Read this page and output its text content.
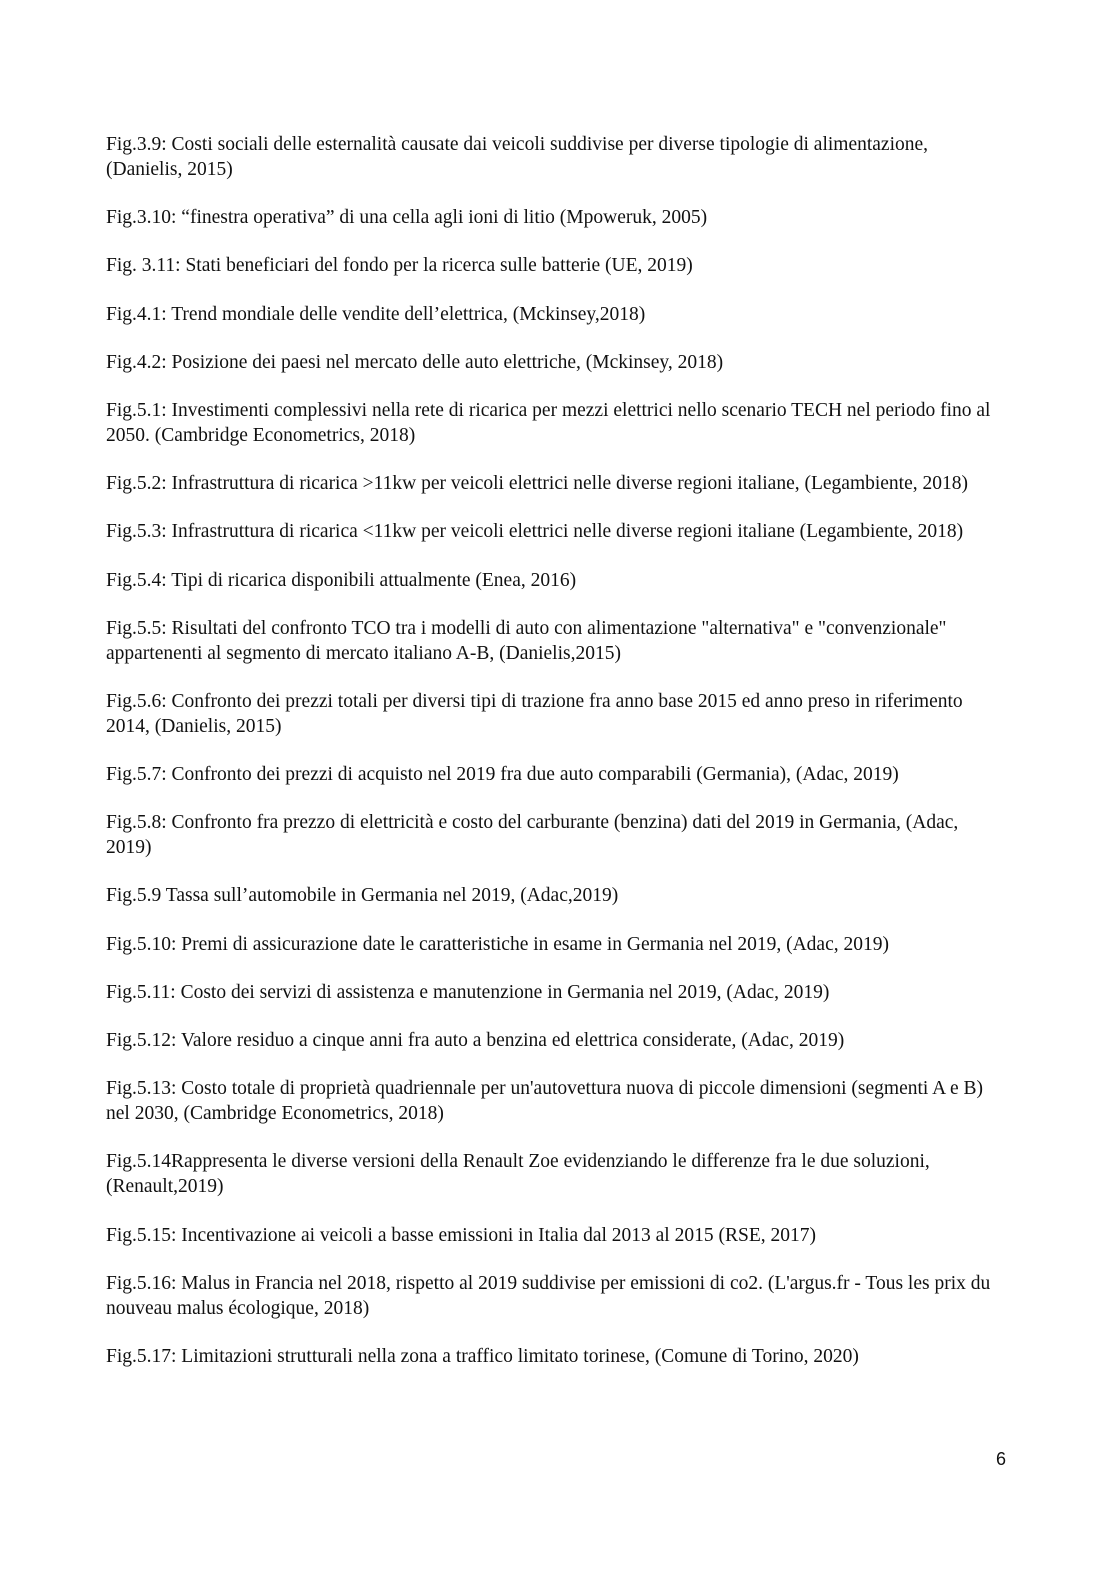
Fig.3.9: Costi sociali delle esternalità causate dai veicoli suddivise per diverse tipologie di alimentazione, (Danielis, 2015)

Fig.3.10: “finestra operativa” di una cella agli ioni di litio (Mpoweruk, 2005)

Fig. 3.11: Stati beneficiari del fondo per la ricerca sulle batterie (UE, 2019)

Fig.4.1: Trend mondiale delle vendite dell’elettrica, (Mckinsey,2018)

Fig.4.2: Posizione dei paesi nel mercato delle auto elettriche, (Mckinsey, 2018)

Fig.5.1: Investimenti complessivi nella rete di ricarica per mezzi elettrici nello scenario TECH nel periodo fino al 2050. (Cambridge Econometrics, 2018)

Fig.5.2: Infrastruttura di ricarica >11kw per veicoli elettrici nelle diverse regioni italiane, (Legambiente, 2018)

Fig.5.3: Infrastruttura di ricarica <11kw per veicoli elettrici nelle diverse regioni italiane (Legambiente, 2018)

Fig.5.4: Tipi di ricarica disponibili attualmente (Enea, 2016)

Fig.5.5: Risultati del confronto TCO tra i modelli di auto con alimentazione "alternativa" e "convenzionale" appartenenti al segmento di mercato italiano A-B, (Danielis,2015)

Fig.5.6: Confronto dei prezzi totali per diversi tipi di trazione fra anno base 2015 ed anno preso in riferimento 2014, (Danielis, 2015)

Fig.5.7: Confronto dei prezzi di acquisto nel 2019 fra due auto comparabili (Germania), (Adac, 2019)

Fig.5.8: Confronto fra prezzo di elettricità e costo del carburante (benzina) dati del 2019 in Germania, (Adac, 2019)

Fig.5.9 Tassa sull’automobile in Germania nel 2019, (Adac,2019)

Fig.5.10: Premi di assicurazione date le caratteristiche in esame in Germania nel 2019, (Adac, 2019)

Fig.5.11: Costo dei servizi di assistenza e manutenzione in Germania nel 2019, (Adac, 2019)

Fig.5.12: Valore residuo a cinque anni fra auto a benzina ed elettrica considerate, (Adac, 2019)

Fig.5.13: Costo totale di proprietà quadriennale per un'autovettura nuova di piccole dimensioni (segmenti A e B) nel 2030, (Cambridge Econometrics, 2018)

Fig.5.14Rappresenta le diverse versioni della Renault Zoe evidenziando le differenze fra le due soluzioni, (Renault,2019)

Fig.5.15: Incentivazione ai veicoli a basse emissioni in Italia dal 2013 al 2015 (RSE, 2017)

Fig.5.16: Malus in Francia nel 2018, rispetto al 2019 suddivise per emissioni di co2. (L'argus.fr - Tous les prix du nouveau malus écologique, 2018)

Fig.5.17: Limitazioni strutturali nella zona a traffico limitato torinese, (Comune di Torino, 2020)

6
